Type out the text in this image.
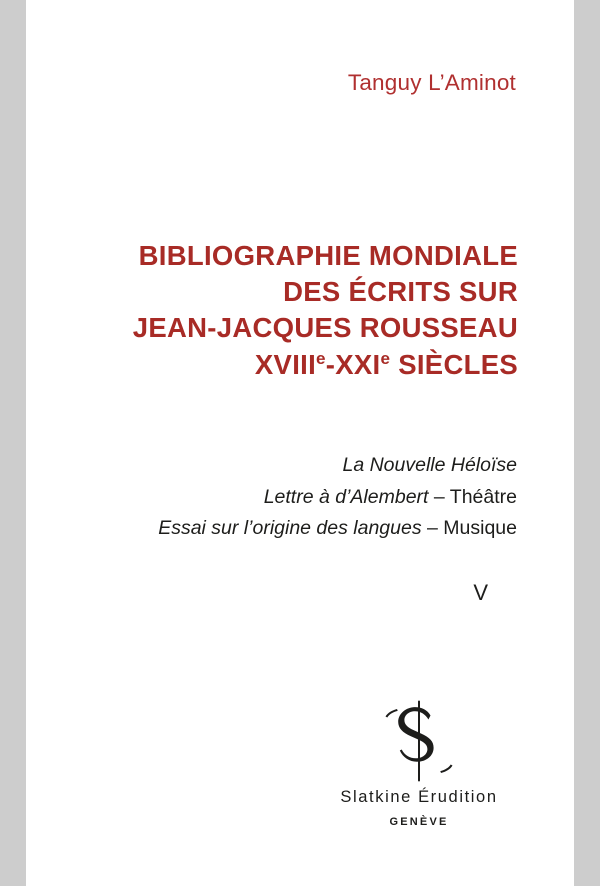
Tanguy L’Aminot
BIBLIOGRAPHIE MONDIALE
DES ÉCRITS SUR
JEAN-JACQUES ROUSSEAU
XVIIIe-XXIe SIÈCLES
La Nouvelle Héloïse
Lettre à d’Alembert – Théâtre
Essai sur l’origine des langues – Musique
V
Slatkine Érudition
GENÈVE
